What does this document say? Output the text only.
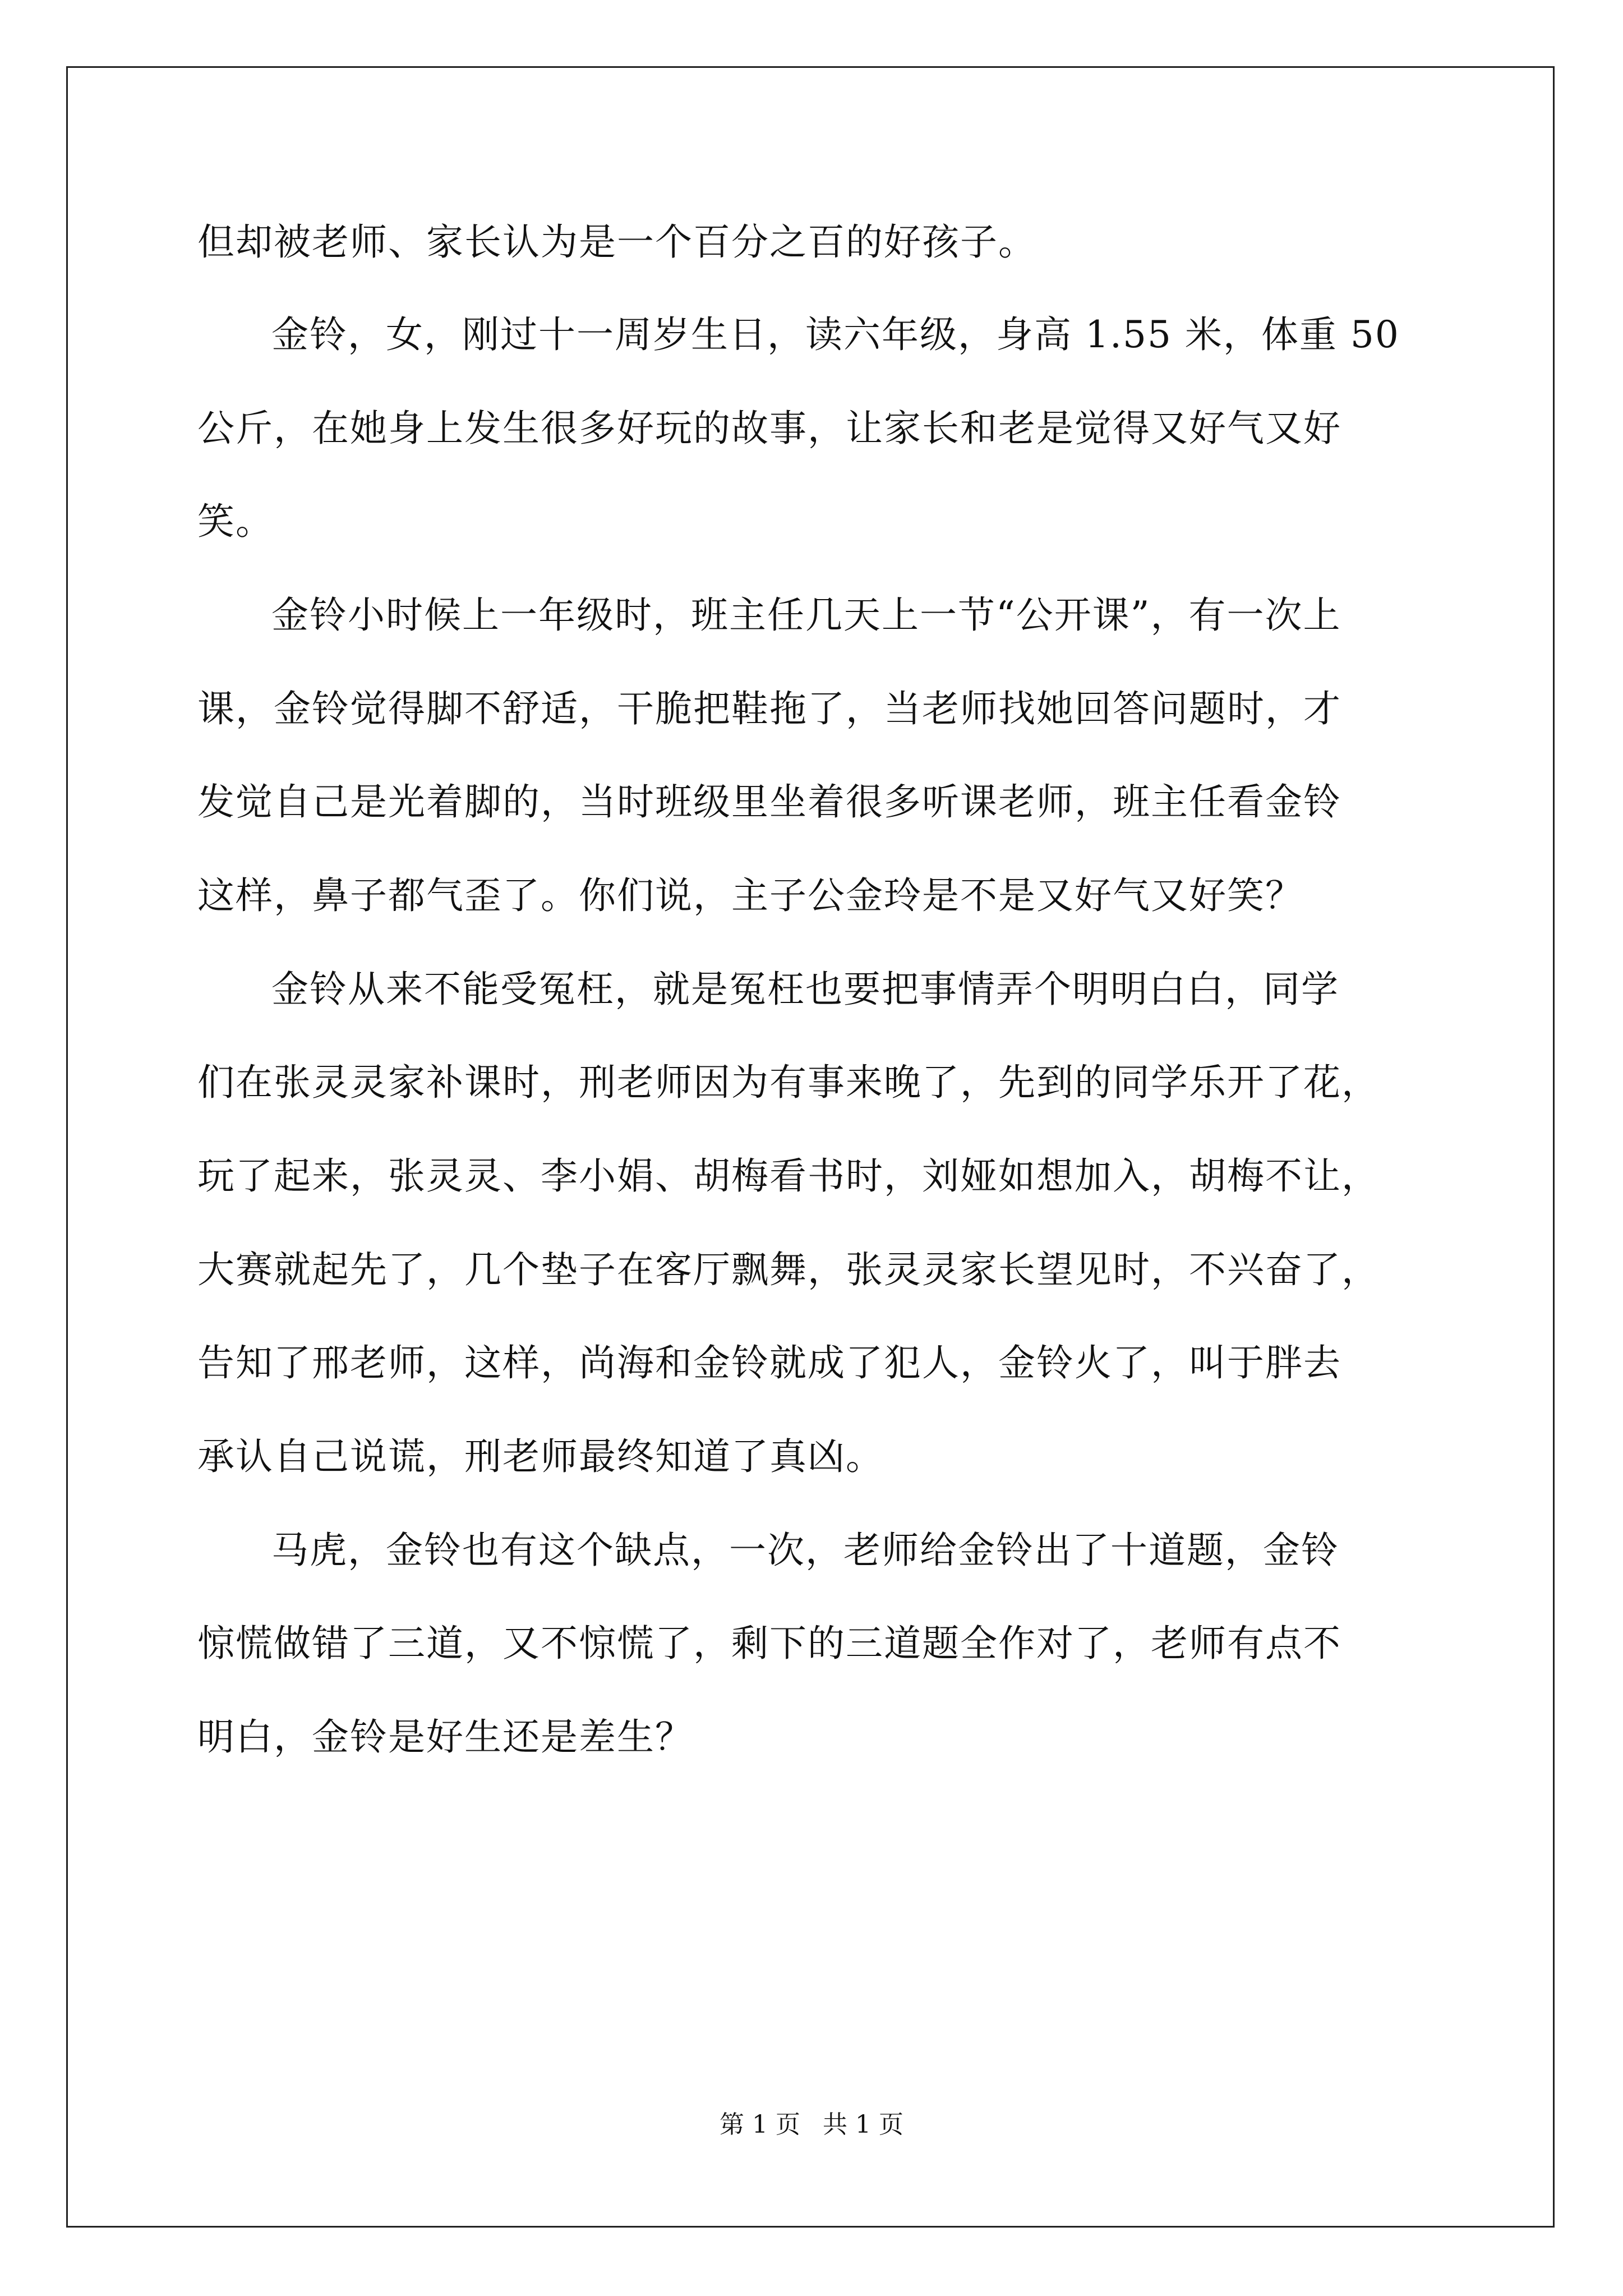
但却被老师、家长认为是一个百分之百的好孩子。
金铃，女，刚过十一周岁生日，读六年级，身高 1.55 米，体重 50
公斤，在她身上发生很多好玩的故事，让家长和老是觉得又好气又好
笑。
金铃小时候上一年级时，班主任几天上一节“公开课”，有一次上
课，金铃觉得脚不舒适，干脆把鞋拖了，当老师找她回答问题时，才
发觉自己是光着脚的，当时班级里坐着很多听课老师，班主任看金铃
这样，鼻子都气歪了。你们说，主子公金玲是不是又好气又好笑？
金铃从来不能受冤枉，就是冤枉也要把事情弄个明明白白，同学
们在张灵灵家补课时，刑老师因为有事来晚了，先到的同学乐开了花，
玩了起来，张灵灵、李小娟、胡梅看书时，刘娅如想加入，胡梅不让，
大赛就起先了，几个垫子在客厅飘舞，张灵灵家长望见时，不兴奋了，
告知了邢老师，这样，尚海和金铃就成了犯人，金铃火了，叫于胖去
承认自己说谎，刑老师最终知道了真凶。
马虎，金铃也有这个缺点，一次，老师给金铃出了十道题，金铃
惊慌做错了三道，又不惊慌了，剩下的三道题全作对了，老师有点不
明白，金铃是好生还是差生？
第 1 页 共 1 页
